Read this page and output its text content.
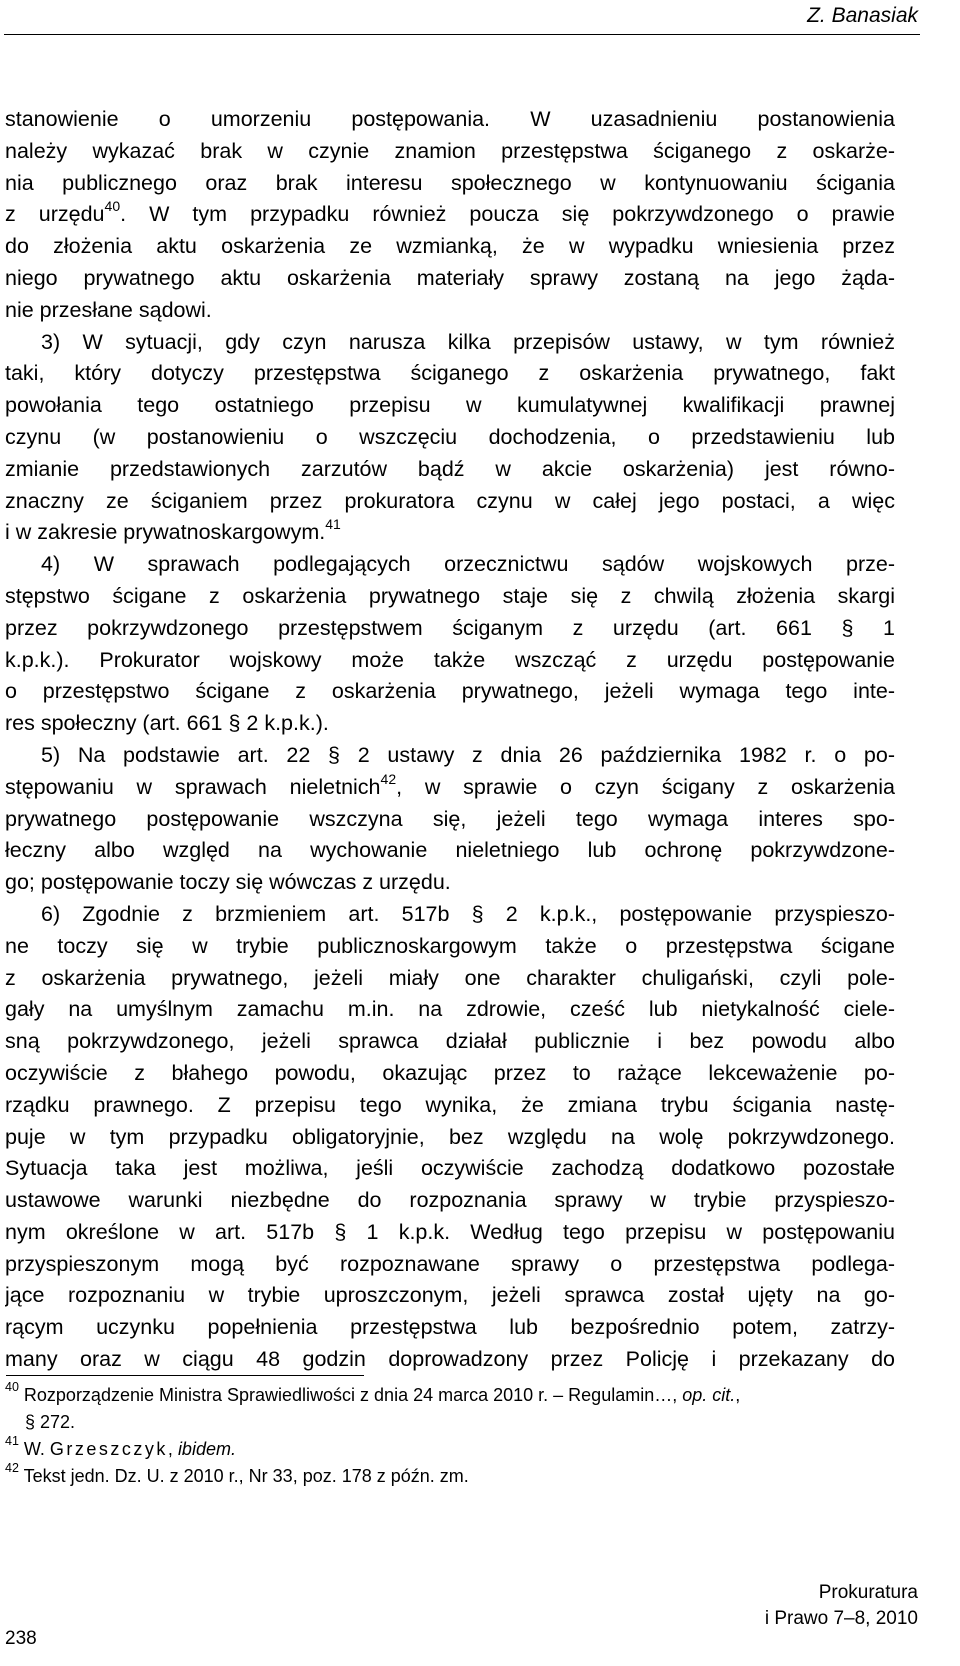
Z. Banasiak
stanowienie o umorzeniu postępowania. W uzasadnieniu postanowienia
należy wykazać brak w czynie znamion przestępstwa ściganego z oskarże-
nia publicznego oraz brak interesu społecznego w kontynuowaniu ścigania
z urzędu$^{40}$. W tym przypadku również poucza się pokrzywdzonego o prawie
do złożenia aktu oskarżenia ze wzmianką, że w wypadku wniesienia przez
niego prywatnego aktu oskarżenia materiały sprawy zostaną na jego żąda-
nie przesłane sądowi.
3) W sytuacji, gdy czyn narusza kilka przepisów ustawy, w tym również
taki, który dotyczy przestępstwa ściganego z oskarżenia prywatnego, fakt
powołania tego ostatniego przepisu w kumulatywnej kwalifikacji prawnej
czynu (w postanowieniu o wszczęciu dochodzenia, o przedstawieniu lub
zmianie przedstawionych zarzutów bądź w akcie oskarżenia) jest równo-
znaczny ze ściganiem przez prokuratora czynu w całej jego postaci, a więc
i w zakresie prywatnoskargowym.$^{41}$
4) W sprawach podlegających orzecznictwu sądów wojskowych prze-
stępstwo ścigane z oskarżenia prywatnego staje się z chwilą złożenia skargi
przez pokrzywdzonego przestępstwem ściganym z urzędu (art. 661 § 1
k.p.k.). Prokurator wojskowy może także wszcząć z urzędu postępowanie
o przestępstwo ścigane z oskarżenia prywatnego, jeżeli wymaga tego inte-
res społeczny (art. 661 § 2 k.p.k.).
5) Na podstawie art. 22 § 2 ustawy z dnia 26 października 1982 r. o po-
stępowaniu w sprawach nieletnich$^{42}$, w sprawie o czyn ścigany z oskarżenia
prywatnego postępowanie wszczyna się, jeżeli tego wymaga interes spo-
łeczny albo względ na wychowanie nieletniego lub ochronę pokrzywdzone-
go; postępowanie toczy się wówczas z urzędu.
6) Zgodnie z brzmieniem art. 517b § 2 k.p.k., postępowanie przyspieszo-
ne toczy się w trybie publicznoskargowym także o przestępstwa ścigane
z oskarżenia prywatnego, jeżeli miały one charakter chuligański, czyli pole-
gały na umyślnym zamachu m.in. na zdrowie, cześć lub nietykalność ciele-
sną pokrzywdzonego, jeżeli sprawca działał publicznie i bez powodu albo
oczywiście z błahego powodu, okazując przez to rażące lekceważenie po-
rządku prawnego. Z przepisu tego wynika, że zmiana trybu ścigania nastę-
puje w tym przypadku obligatoryjnie, bez względu na wolę pokrzywdzonego.
Sytuacja taka jest możliwa, jeśli oczywiście zachodzą dodatkowo pozostałe
ustawowe warunki niezbędne do rozpoznania sprawy w trybie przyspieszo-
nym określone w art. 517b § 1 k.p.k. Według tego przepisu w postępowaniu
przyspieszonym mogą być rozpoznawane sprawy o przestępstwa podlega-
jące rozpoznaniu w trybie uproszczonym, jeżeli sprawca został ujęty na go-
rącym uczynku popełnienia przestępstwa lub bezpośrednio potem, zatrzy-
many oraz w ciągu 48 godzin doprowadzony przez Policję i przekazany do
$^{40}$ Rozporządzenie Ministra Sprawiedliwości z dnia 24 marca 2010 r. – Regulamin…, op. cit.,
§ 272.
$^{41}$ W. Grzeszczyk, ibidem.
$^{42}$ Tekst jedn. Dz. U. z 2010 r., Nr 33, poz. 178 z późn. zm.
238
Prokuratura
i Prawo 7–8, 2010
